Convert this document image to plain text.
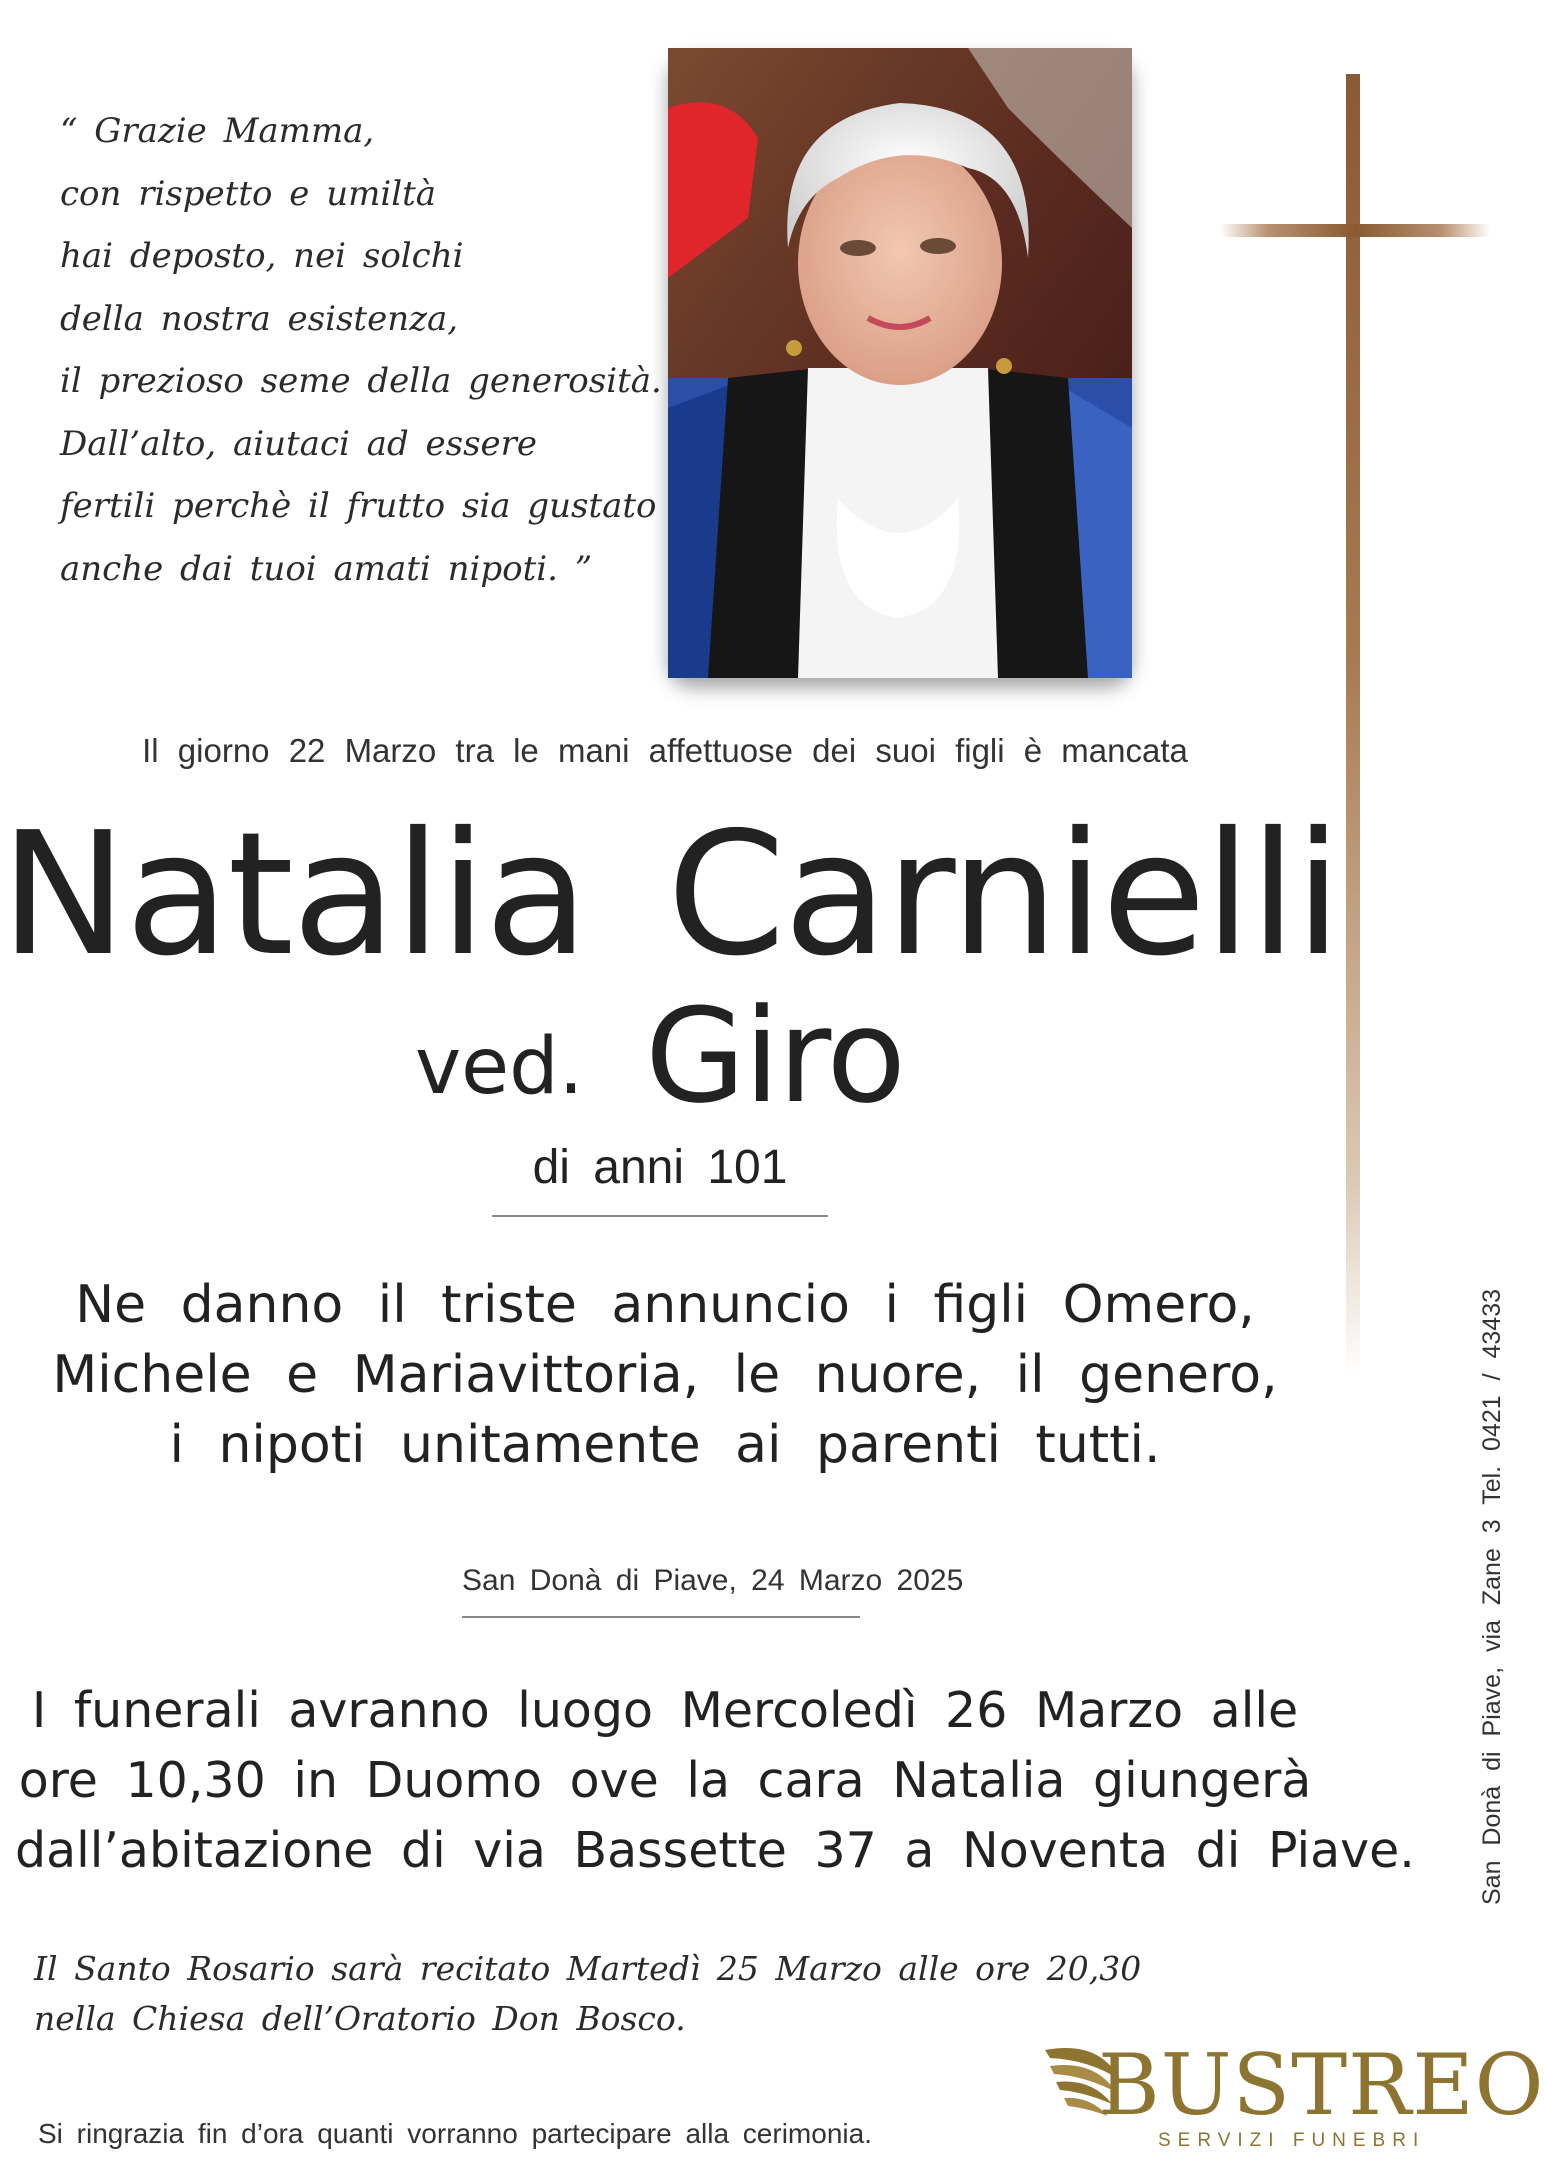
“ Grazie Mamma,
con rispetto e umiltà
hai deposto, nei solchi
della nostra esistenza,
il prezioso seme della generosità.
Dall’alto, aiutaci ad essere
fertili perchè il frutto sia gustato
anche dai tuoi amati nipoti. ”
Il giorno 22 Marzo tra le mani affettuose dei suoi figli è mancata
Natalia Carnielli
ved. Giro
di anni 101
Ne danno il triste annuncio i figli Omero,
Michele e Mariavittoria, le nuore, il genero,
i nipoti unitamente ai parenti tutti.
San Donà di Piave, 24 Marzo 2025
I funerali avranno luogo Mercoledì 26 Marzo alle
ore 10,30 in Duomo ove la cara Natalia giungerà
dall’abitazione di via Bassette 37 a Noventa di Piave.
Il Santo Rosario sarà recitato Martedì 25 Marzo alle ore 20,30
nella Chiesa dell’Oratorio Don Bosco.
Si ringrazia fin d’ora quanti vorranno partecipare alla cerimonia.
San Donà di Piave, via Zane 3 Tel. 0421 / 43433
BUSTREO
SERVIZI FUNEBRI
